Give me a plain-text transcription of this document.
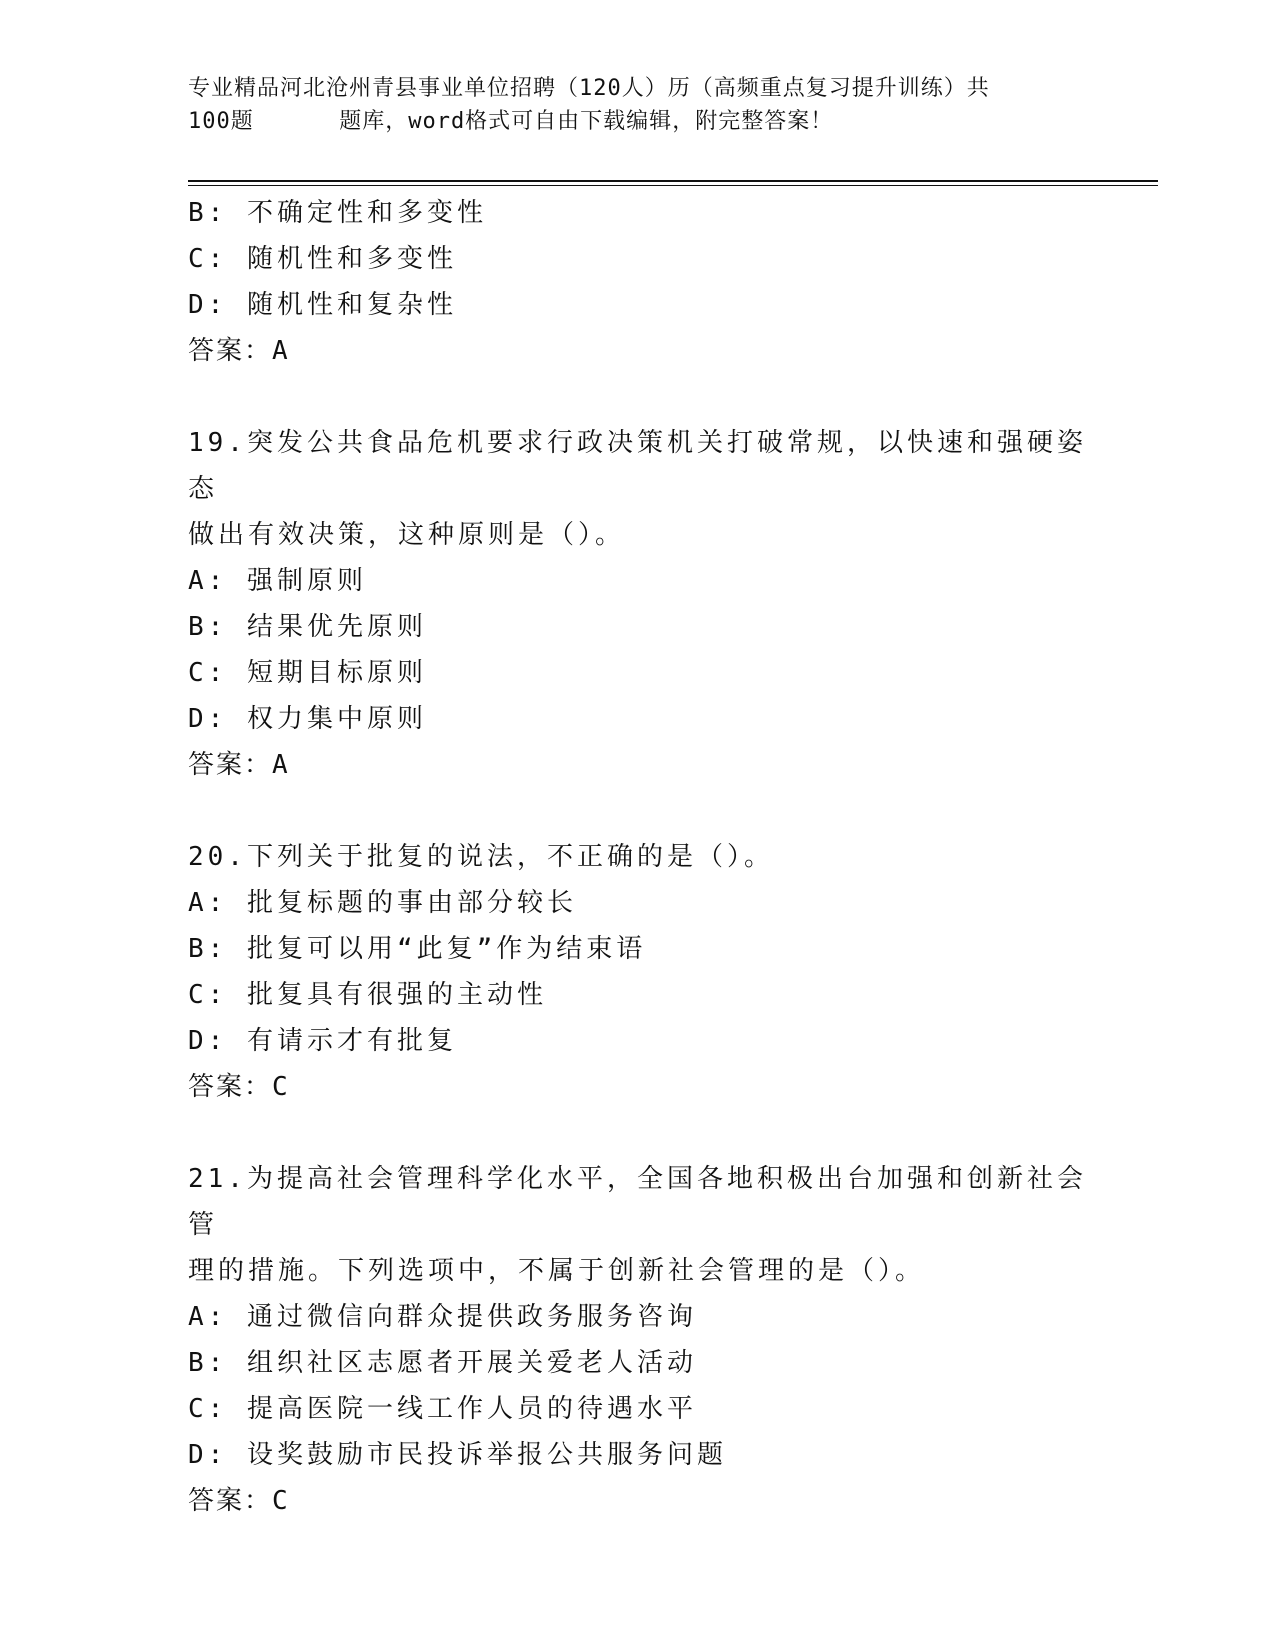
专业精品河北沧州青县事业单位招聘（120人）历（高频重点复习提升训练）共
100题      题库，word格式可自由下载编辑，附完整答案！
B: 不确定性和多变性
C: 随机性和多变性
D: 随机性和复杂性
答案：A
19.突发公共食品危机要求行政决策机关打破常规，以快速和强硬姿态
做出有效决策，这种原则是（）。
A: 强制原则
B: 结果优先原则
C: 短期目标原则
D: 权力集中原则
答案：A
20.下列关于批复的说法，不正确的是（）。
A: 批复标题的事由部分较长
B: 批复可以用“此复”作为结束语
C: 批复具有很强的主动性
D: 有请示才有批复
答案：C
21.为提高社会管理科学化水平，全国各地积极出台加强和创新社会管
理的措施。下列选项中，不属于创新社会管理的是（）。
A: 通过微信向群众提供政务服务咨询
B: 组织社区志愿者开展关爱老人活动
C: 提高医院一线工作人员的待遇水平
D: 设奖鼓励市民投诉举报公共服务问题
答案：C
